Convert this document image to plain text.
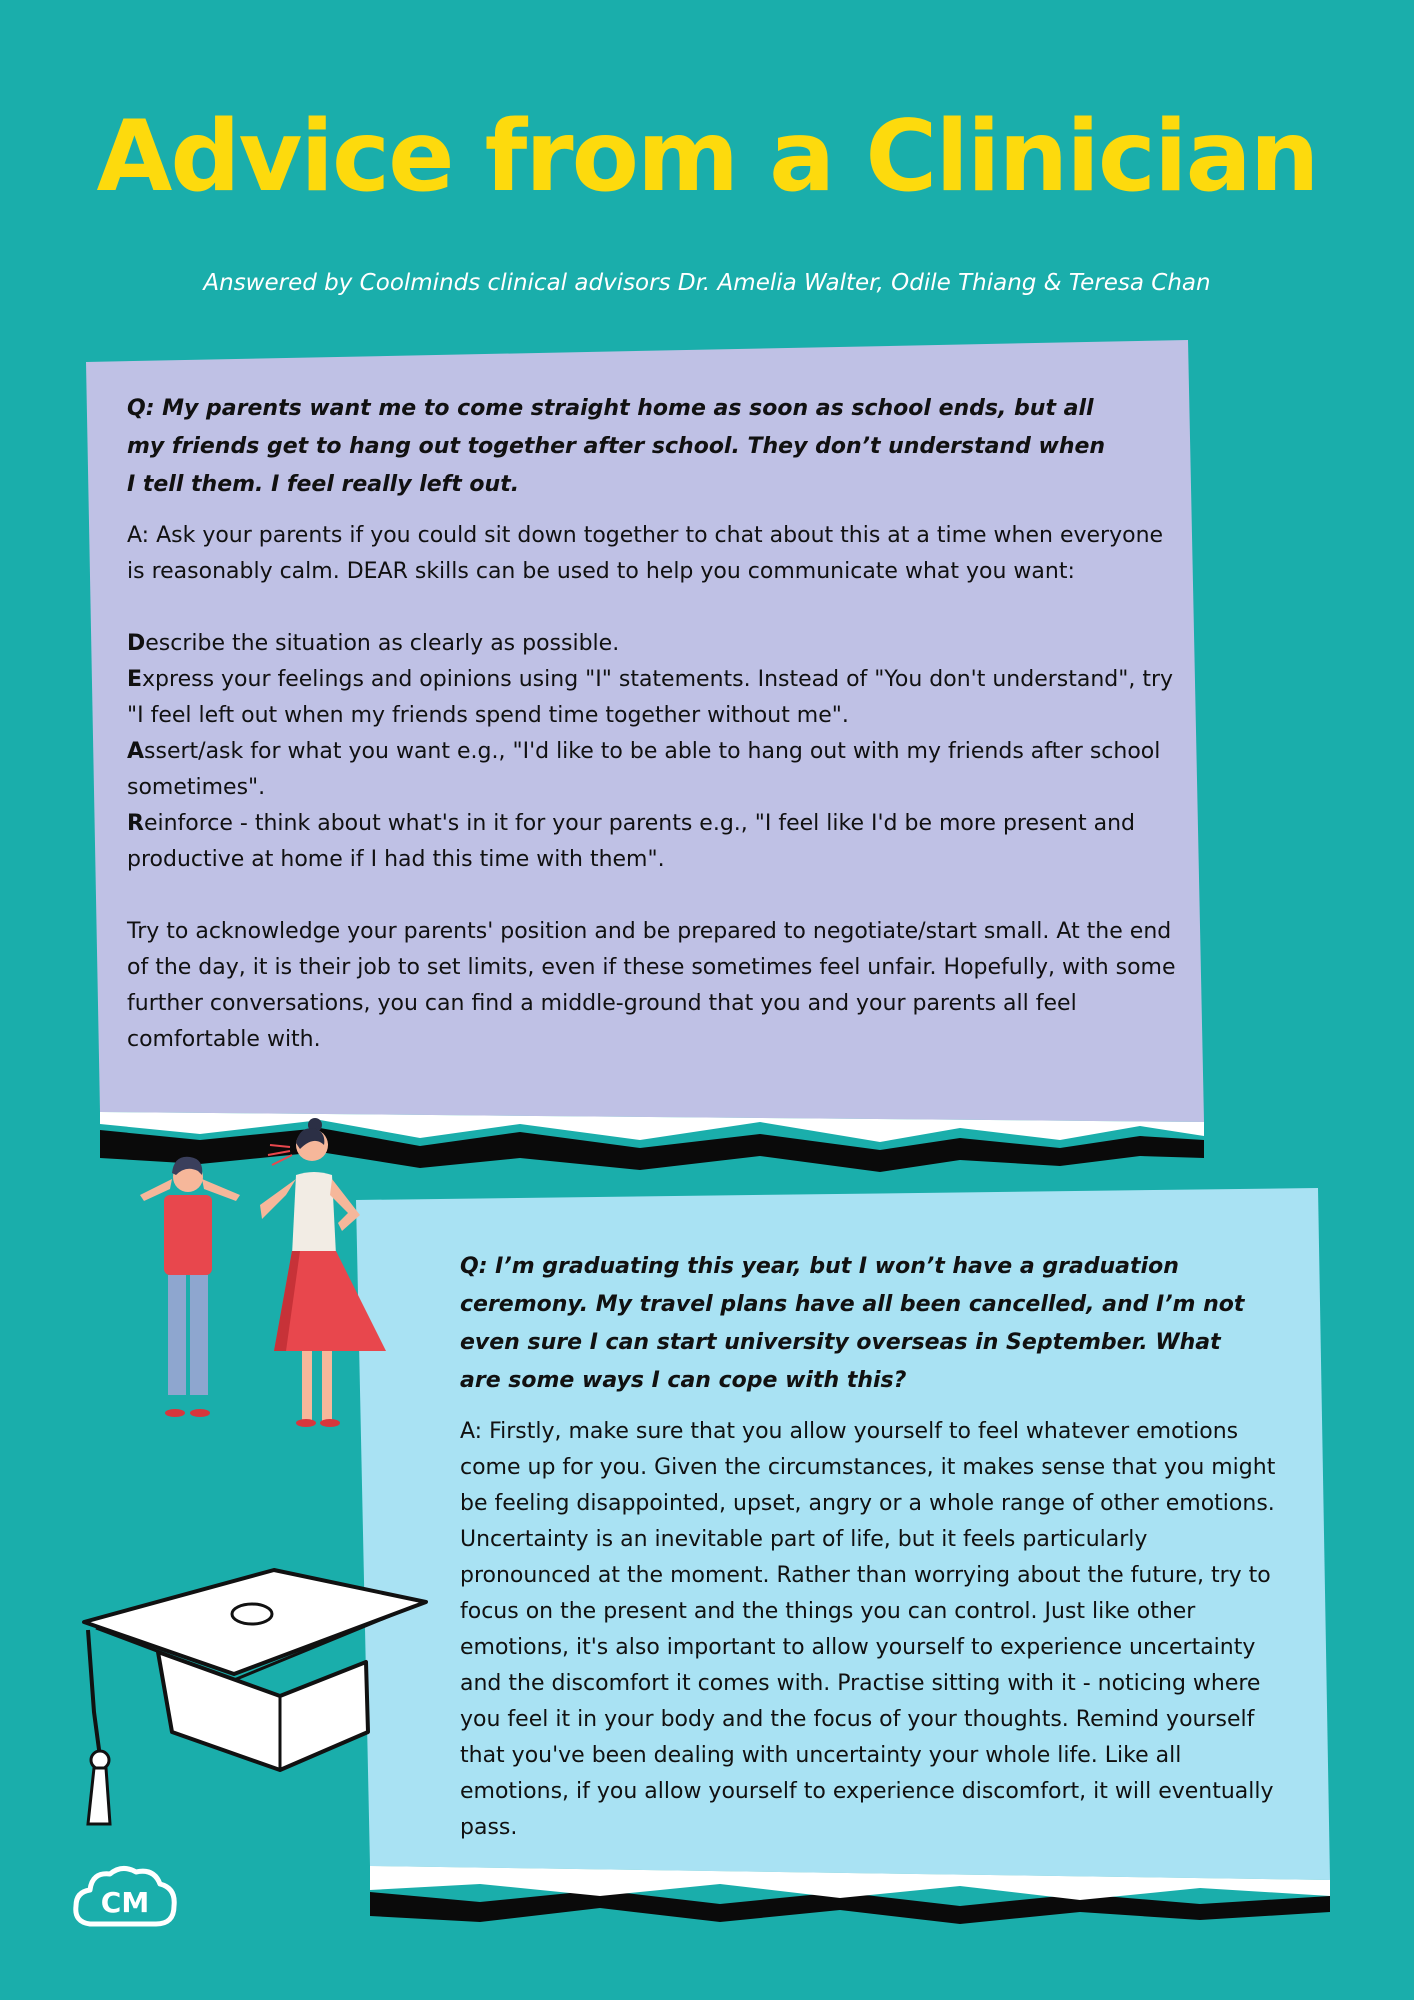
Advice from a Clinician

Answered by Coolminds clinical advisors Dr. Amelia Walter, Odile Thiang & Teresa Chan

Q: My parents want me to come straight home as soon as school ends, but all my friends get to hang out together after school. They don’t understand when I tell them. I feel really left out.

A: Ask your parents if you could sit down together to chat about this at a time when everyone is reasonably calm. DEAR skills can be used to help you communicate what you want:

Describe the situation as clearly as possible.

Express your feelings and opinions using "I" statements. Instead of "You don't understand", try "I feel left out when my friends spend time together without me".

Assert/ask for what you want e.g., "I'd like to be able to hang out with my friends after school sometimes".

Reinforce - think about what's in it for your parents e.g., "I feel like I'd be more present and productive at home if I had this time with them".

Try to acknowledge your parents' position and be prepared to negotiate/start small. At the end of the day, it is their job to set limits, even if these sometimes feel unfair. Hopefully, with some further conversations, you can find a middle-ground that you and your parents all feel comfortable with.

Q: I’m graduating this year, but I won’t have a graduation ceremony. My travel plans have all been cancelled, and I’m not even sure I can start university overseas in September. What are some ways I can cope with this?

A: Firstly, make sure that you allow yourself to feel whatever emotions come up for you. Given the circumstances, it makes sense that you might be feeling disappointed, upset, angry or a whole range of other emotions. Uncertainty is an inevitable part of life, but it feels particularly pronounced at the moment. Rather than worrying about the future, try to focus on the present and the things you can control. Just like other emotions, it's also important to allow yourself to experience uncertainty and the discomfort it comes with. Practise sitting with it - noticing where you feel it in your body and the focus of your thoughts. Remind yourself that you've been dealing with uncertainty your whole life. Like all emotions, if you allow yourself to experience discomfort, it will eventually pass.

CM
